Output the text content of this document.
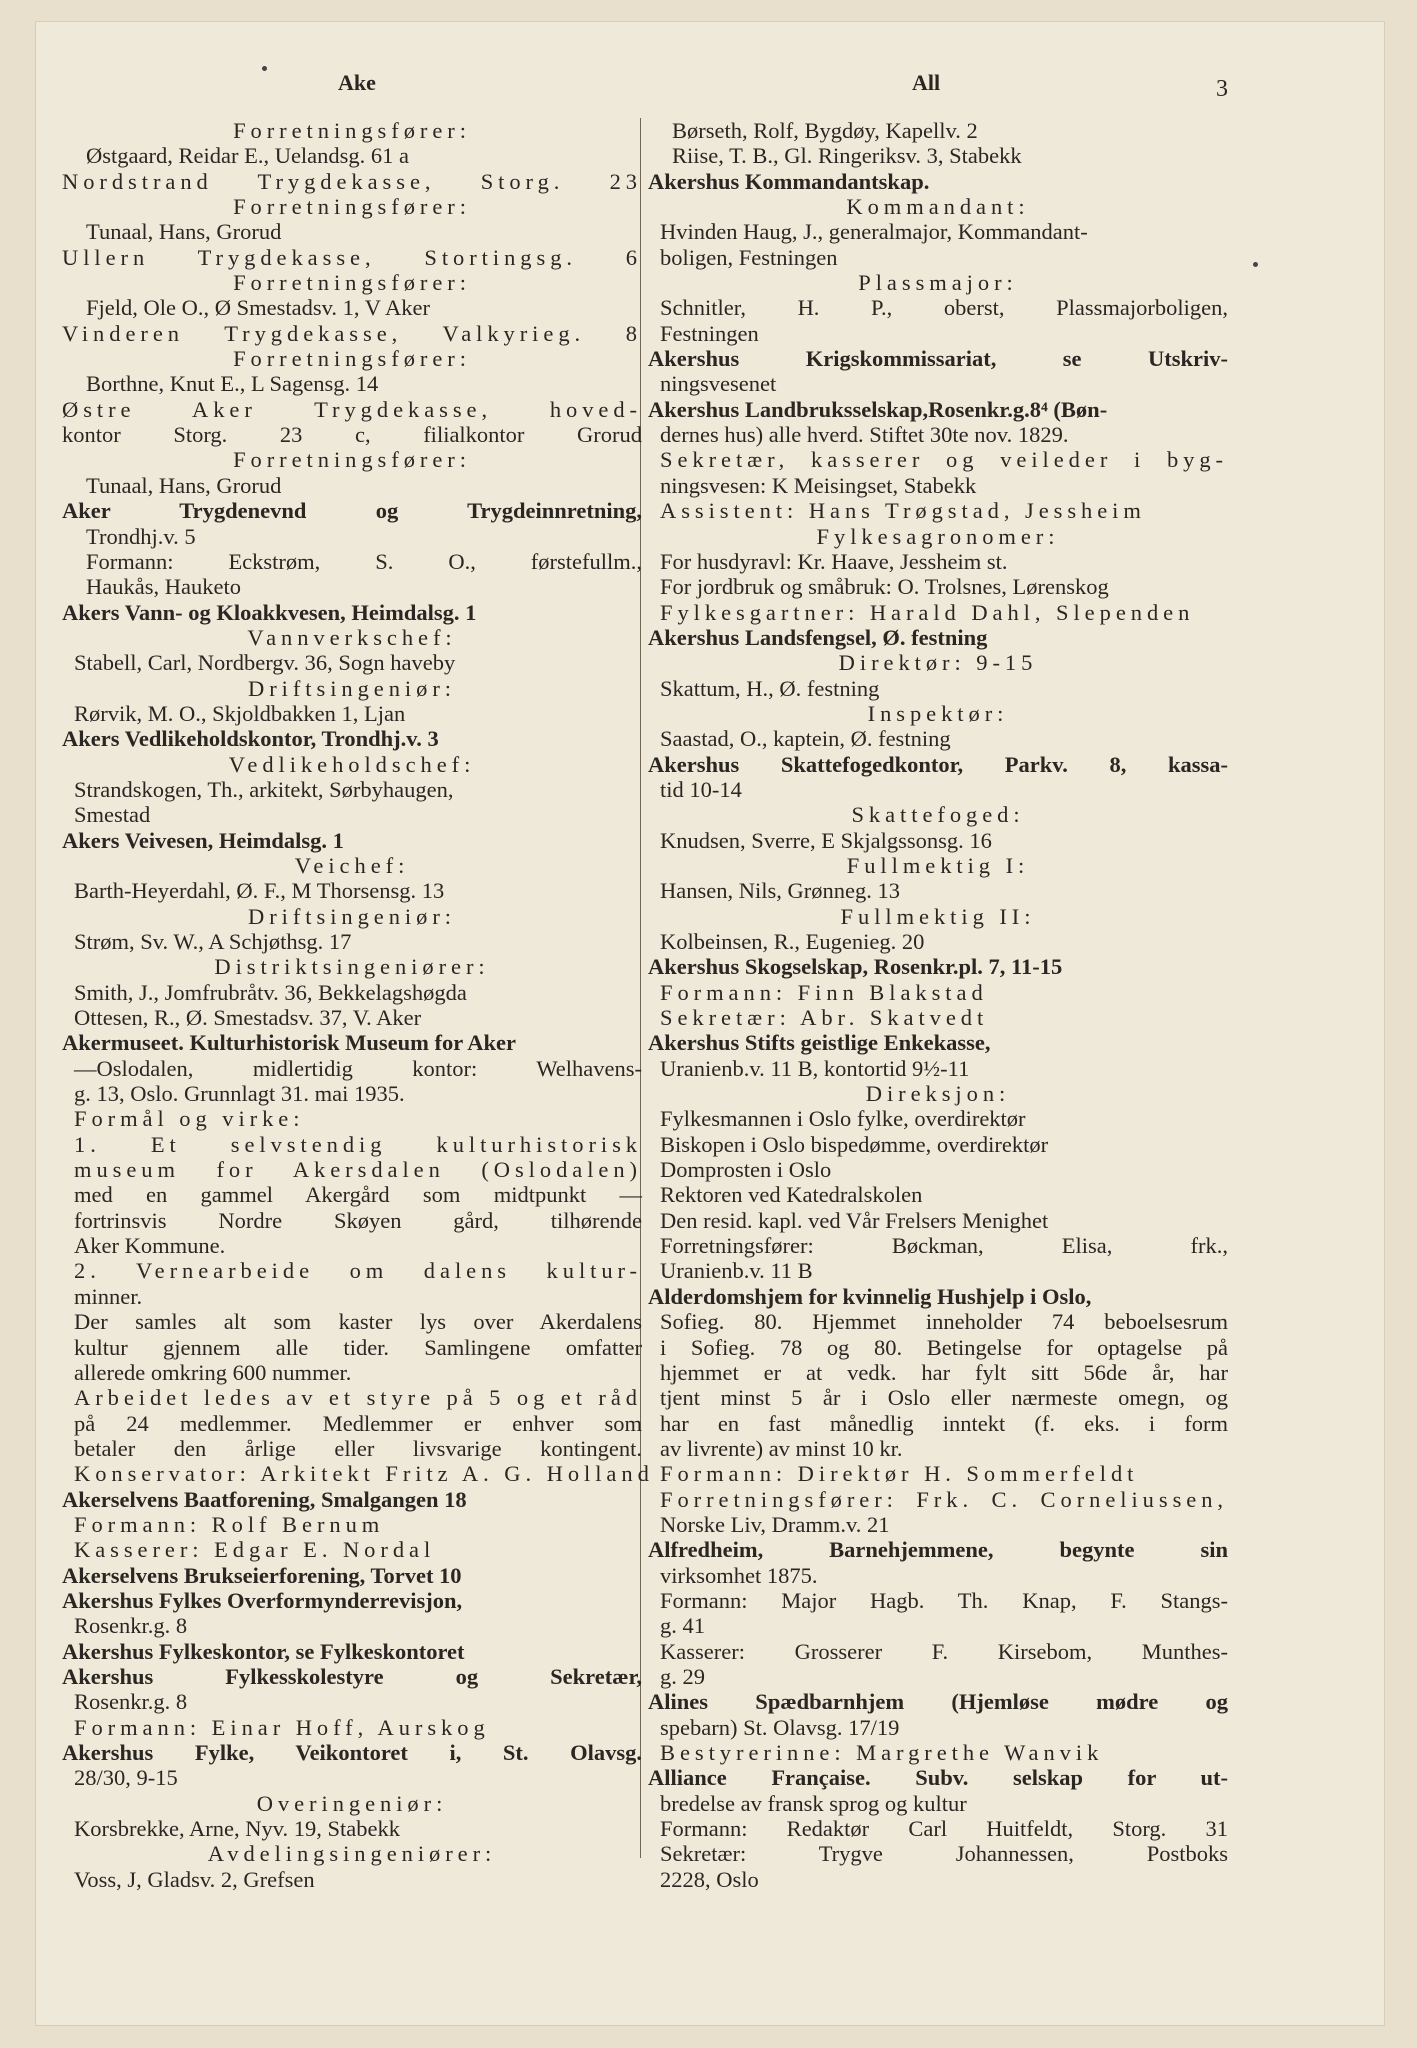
Ake	All	3
Forretningsfører:
Østgaard, Reidar E., Uelandsg. 61 a
Nordstrand Trygdekasse, Storg. 23
Forretningsfører:
Tunaal, Hans, Grorud
Ullern Trygdekasse, Stortingsg. 6
Forretningsfører:
Fjeld, Ole O., Ø Smestadsv. 1, V Aker
Vinderen Trygdekasse, Valkyrieg. 8
Forretningsfører:
Borthne, Knut E., L Sagensg. 14
Østre Aker Trygdekasse, hoved-
kontor Storg. 23 c, filialkontor Grorud
Forretningsfører:
Tunaal, Hans, Grorud
Aker Trygdenevnd og Trygdeinnretning,
Trondhj.v. 5
Formann: Eckstrøm, S. O., førstefullm.,
Haukås, Hauketo
Akers Vann- og Kloakkvesen, Heimdalsg. 1
Vannverkschef:
Stabell, Carl, Nordbergv. 36, Sogn haveby
Driftsingeniør:
Rørvik, M. O., Skjoldbakken 1, Ljan
Akers Vedlikeholdskontor, Trondhj.v. 3
Vedlikeholdschef:
Strandskogen, Th., arkitekt, Sørbyhaugen,
Smestad
Akers Veivesen, Heimdalsg. 1
Veichef:
Barth-Heyerdahl, Ø. F., M Thorsensg. 13
Driftsingeniør:
Strøm, Sv. W., A Schjøthsg. 17
Distriktsingeniører:
Smith, J., Jomfrubråtv. 36, Bekkelagshøgda
Ottesen, R., Ø. Smestadsv. 37, V. Aker
Akermuseet. Kulturhistorisk Museum for Aker
—Oslodalen, midlertidig kontor: Welhavens-
g. 13, Oslo. Grunnlagt 31. mai 1935.
Formål og virke:
1. Et selvstendig kulturhistorisk
museum for Akersdalen (Oslodalen)
med en gammel Akergård som midtpunkt —
fortrinsvis Nordre Skøyen gård, tilhørende
Aker Kommune.
2. Vernearbeide om dalens kultur-
minner.
Der samles alt som kaster lys over Akerdalens
kultur gjennem alle tider. Samlingene omfatter
allerede omkring 600 nummer.
Arbeidet ledes av et styre på 5 og et råd
på 24 medlemmer. Medlemmer er enhver som
betaler den årlige eller livsvarige kontingent.
Konservator: Arkitekt Fritz A. G. Holland
Akerselvens Baatforening, Smalgangen 18
Formann: Rolf Bernum
Kasserer: Edgar E. Nordal
Akerselvens Brukseierforening, Torvet 10
Akershus Fylkes Overformynderrevisjon,
Rosenkr.g. 8
Akershus Fylkeskontor, se Fylkeskontoret
Akershus Fylkesskolestyre og Sekretær,
Rosenkr.g. 8
Formann: Einar Hoff, Aurskog
Akershus Fylke, Veikontoret i, St. Olavsg.
28/30, 9-15
Overingeniør:
Korsbrekke, Arne, Nyv. 19, Stabekk
Avdelingsingeniører:
Voss, J, Gladsv. 2, Grefsen
Børseth, Rolf, Bygdøy, Kapellv. 2
Riise, T. B., Gl. Ringeriksv. 3, Stabekk
Akershus Kommandantskap.
Kommandant:
Hvinden Haug, J., generalmajor, Kommandant-
boligen, Festningen
Plassmajor:
Schnitler, H. P., oberst, Plassmajorboligen,
Festningen
Akershus Krigskommissariat, se Utskriv-
ningsvesenet
Akershus Landbruksselskap,Rosenkr.g.8⁴ (Bøn-
dernes hus) alle hverd. Stiftet 30te nov. 1829.
Sekretær, kasserer og veileder i byg-
ningsvesen: K Meisingset, Stabekk
Assistent: Hans Trøgstad, Jessheim
Fylkesagronomer:
For husdyravl: Kr. Haave, Jessheim st.
For jordbruk og småbruk: O. Trolsnes, Lørenskog
Fylkesgartner: Harald Dahl, Slependen
Akershus Landsfengsel, Ø. festning
Direktør: 9-15
Skattum, H., Ø. festning
Inspektør:
Saastad, O., kaptein, Ø. festning
Akershus Skattefogedkontor, Parkv. 8, kassa-
tid 10-14
Skattefoged:
Knudsen, Sverre, E Skjalgssonsg. 16
Fullmektig I:
Hansen, Nils, Grønneg. 13
Fullmektig II:
Kolbeinsen, R., Eugenieg. 20
Akershus Skogselskap, Rosenkr.pl. 7, 11-15
Formann: Finn Blakstad
Sekretær: Abr. Skatvedt
Akershus Stifts geistlige Enkekasse,
Uranienb.v. 11 B, kontortid 9½-11
Direksjon:
Fylkesmannen i Oslo fylke, overdirektør
Biskopen i Oslo bispedømme, overdirektør
Domprosten i Oslo
Rektoren ved Katedralskolen
Den resid. kapl. ved Vår Frelsers Menighet
Forretningsfører: Bøckman, Elisa, frk.,
Uranienb.v. 11 B
Alderdomshjem for kvinnelig Hushjelp i Oslo,
Sofieg. 80. Hjemmet inneholder 74 beboelsesrum
i Sofieg. 78 og 80. Betingelse for optagelse på
hjemmet er at vedk. har fylt sitt 56de år, har
tjent minst 5 år i Oslo eller nærmeste omegn, og
har en fast månedlig inntekt (f. eks. i form
av livrente) av minst 10 kr.
Formann: Direktør H. Sommerfeldt
Forretningsfører: Frk. C. Corneliussen,
Norske Liv, Dramm.v. 21
Alfredheim, Barnehjemmene, begynte sin
virksomhet 1875.
Formann: Major Hagb. Th. Knap, F. Stangs-
g. 41
Kasserer: Grosserer F. Kirsebom, Munthes-
g. 29
Alines Spædbarnhjem (Hjemløse mødre og
spebarn) St. Olavsg. 17/19
Bestyrerinne: Margrethe Wanvik
Alliance Française. Subv. selskap for ut-
bredelse av fransk sprog og kultur
Formann: Redaktør Carl Huitfeldt, Storg. 31
Sekretær: Trygve Johannessen, Postboks
2228, Oslo
